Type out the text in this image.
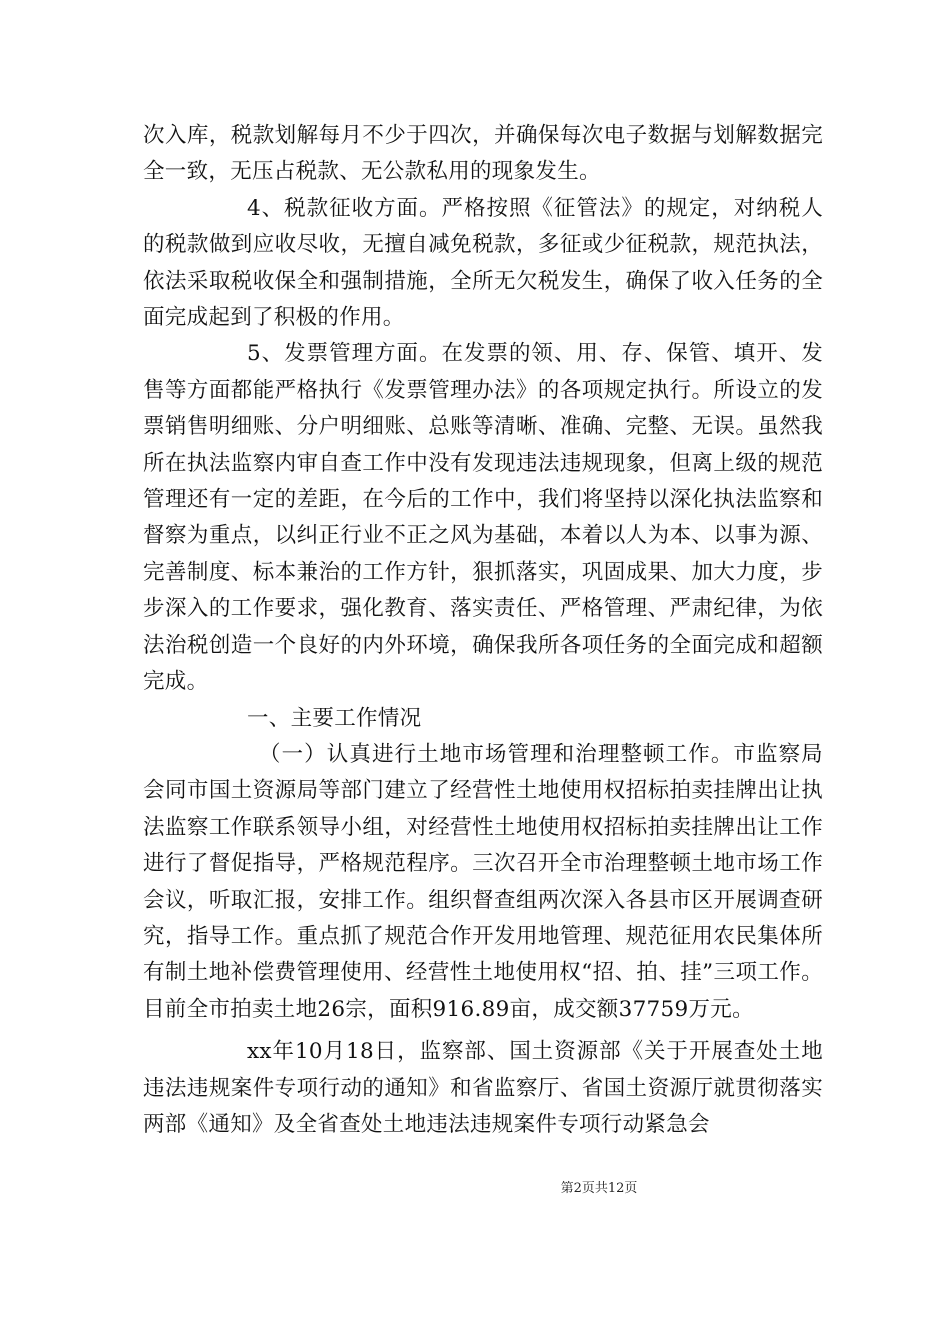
次入库，税款划解每月不少于四次，并确保每次电子数据与划解数据完全一致，无压占税款、无公款私用的现象发生。

4、税款征收方面。严格按照《征管法》的规定，对纳税人的税款做到应收尽收，无擅自减免税款，多征或少征税款，规范执法，依法采取税收保全和强制措施，全所无欠税发生，确保了收入任务的全面完成起到了积极的作用。

5、发票管理方面。在发票的领、用、存、保管、填开、发售等方面都能严格执行《发票管理办法》的各项规定执行。所设立的发票销售明细账、分户明细账、总账等清晰、准确、完整、无误。虽然我所在执法监察内审自查工作中没有发现违法违规现象，但离上级的规范管理还有一定的差距，在今后的工作中，我们将坚持以深化执法监察和督察为重点，以纠正行业不正之风为基础，本着以人为本、以事为源、完善制度、标本兼治的工作方针，狠抓落实，巩固成果、加大力度，步步深入的工作要求，强化教育、落实责任、严格管理、严肃纪律，为依法治税创造一个良好的内外环境，确保我所各项任务的全面完成和超额完成。

一、主要工作情况

（一）认真进行土地市场管理和治理整顿工作。市监察局会同市国土资源局等部门建立了经营性土地使用权招标拍卖挂牌出让执法监察工作联系领导小组，对经营性土地使用权招标拍卖挂牌出让工作进行了督促指导，严格规范程序。三次召开全市治理整顿土地市场工作会议，听取汇报，安排工作。组织督查组两次深入各县市区开展调查研究，指导工作。重点抓了规范合作开发用地管理、规范征用农民集体所有制土地补偿费管理使用、经营性土地使用权“招、拍、挂”三项工作。目前全市拍卖土地26宗，面积916.89亩，成交额37759万元。

xx年10月18日，监察部、国土资源部《关于开展查处土地违法违规案件专项行动的通知》和省监察厅、省国土资源厅就贯彻落实两部《通知》及全省查处土地违法违规案件专项行动紧急会

第2页共12页
